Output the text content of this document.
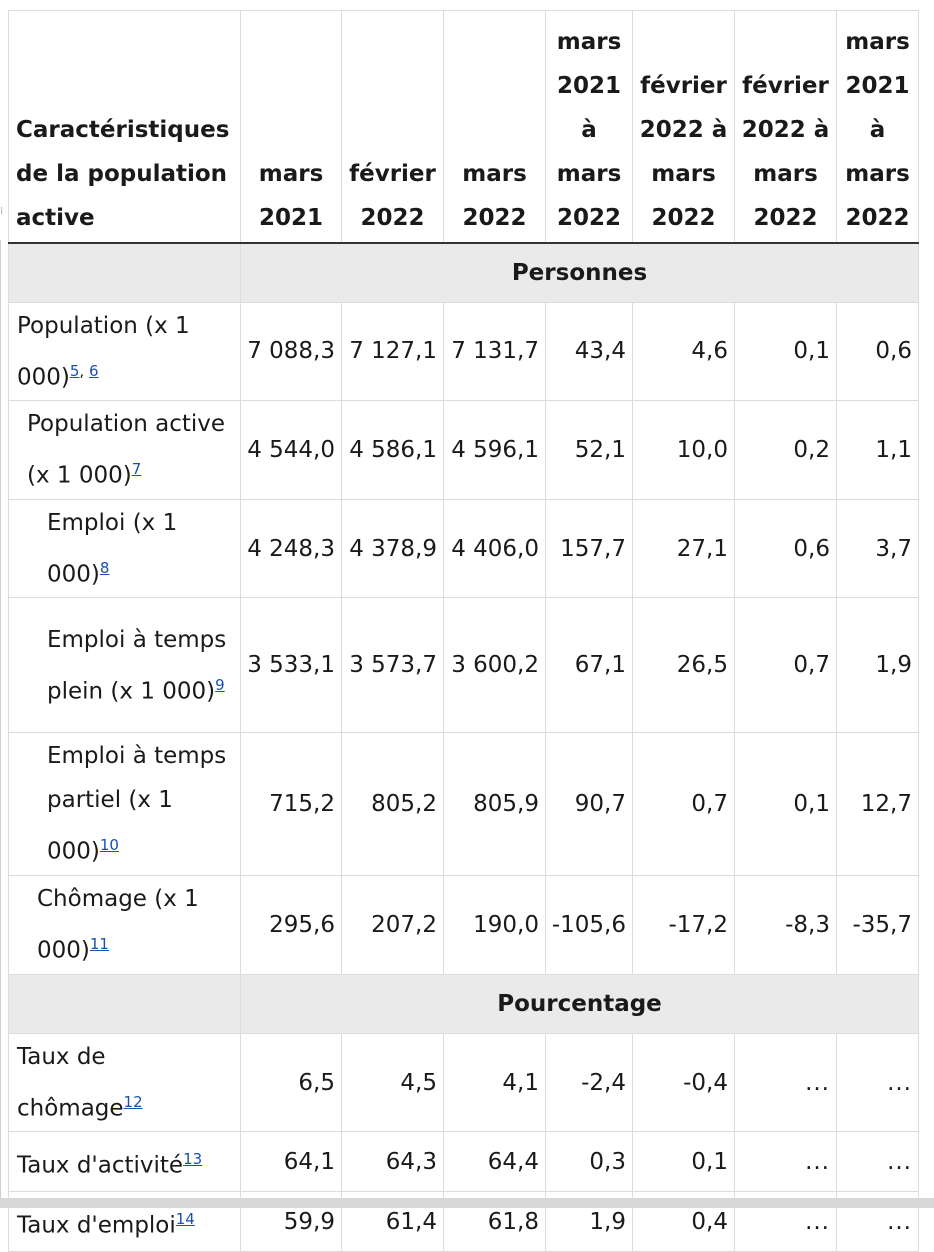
⁞
Caractéristiques de la population active	mars 2021	février 2022	mars 2022	mars 2021 à mars 2022	février 2022 à mars 2022	février 2022 à mars 2022	mars 2021 à mars 2022
	Personnes						
Population (x 1 000)$^{5, 6}$	7 088,3	7 127,1	7 131,7	43,4	4,6	0,1	0,6
Population active (x 1 000)$^7$	4 544,0	4 586,1	4 596,1	52,1	10,0	0,2	1,1
Emploi (x 1 000)$^8$	4 248,3	4 378,9	4 406,0	157,7	27,1	0,6	3,7
Emploi à temps plein (x 1 000)$^9$	3 533,1	3 573,7	3 600,2	67,1	26,5	0,7	1,9
Emploi à temps partiel (x 1 000)$^{10}$	715,2	805,2	805,9	90,7	0,7	0,1	12,7
Chômage (x 1 000)$^{11}$	295,6	207,2	190,0	-105,6	-17,2	-8,3	-35,7
	Pourcentage						
Taux de chômage$^{12}$	6,5	4,5	4,1	-2,4	-0,4	...	...
Taux d'activité$^{13}$	64,1	64,3	64,4	0,3	0,1	...	...
Taux d'emploi$^{14}$	59,9	61,4	61,8	1,9	0,4	...	...
